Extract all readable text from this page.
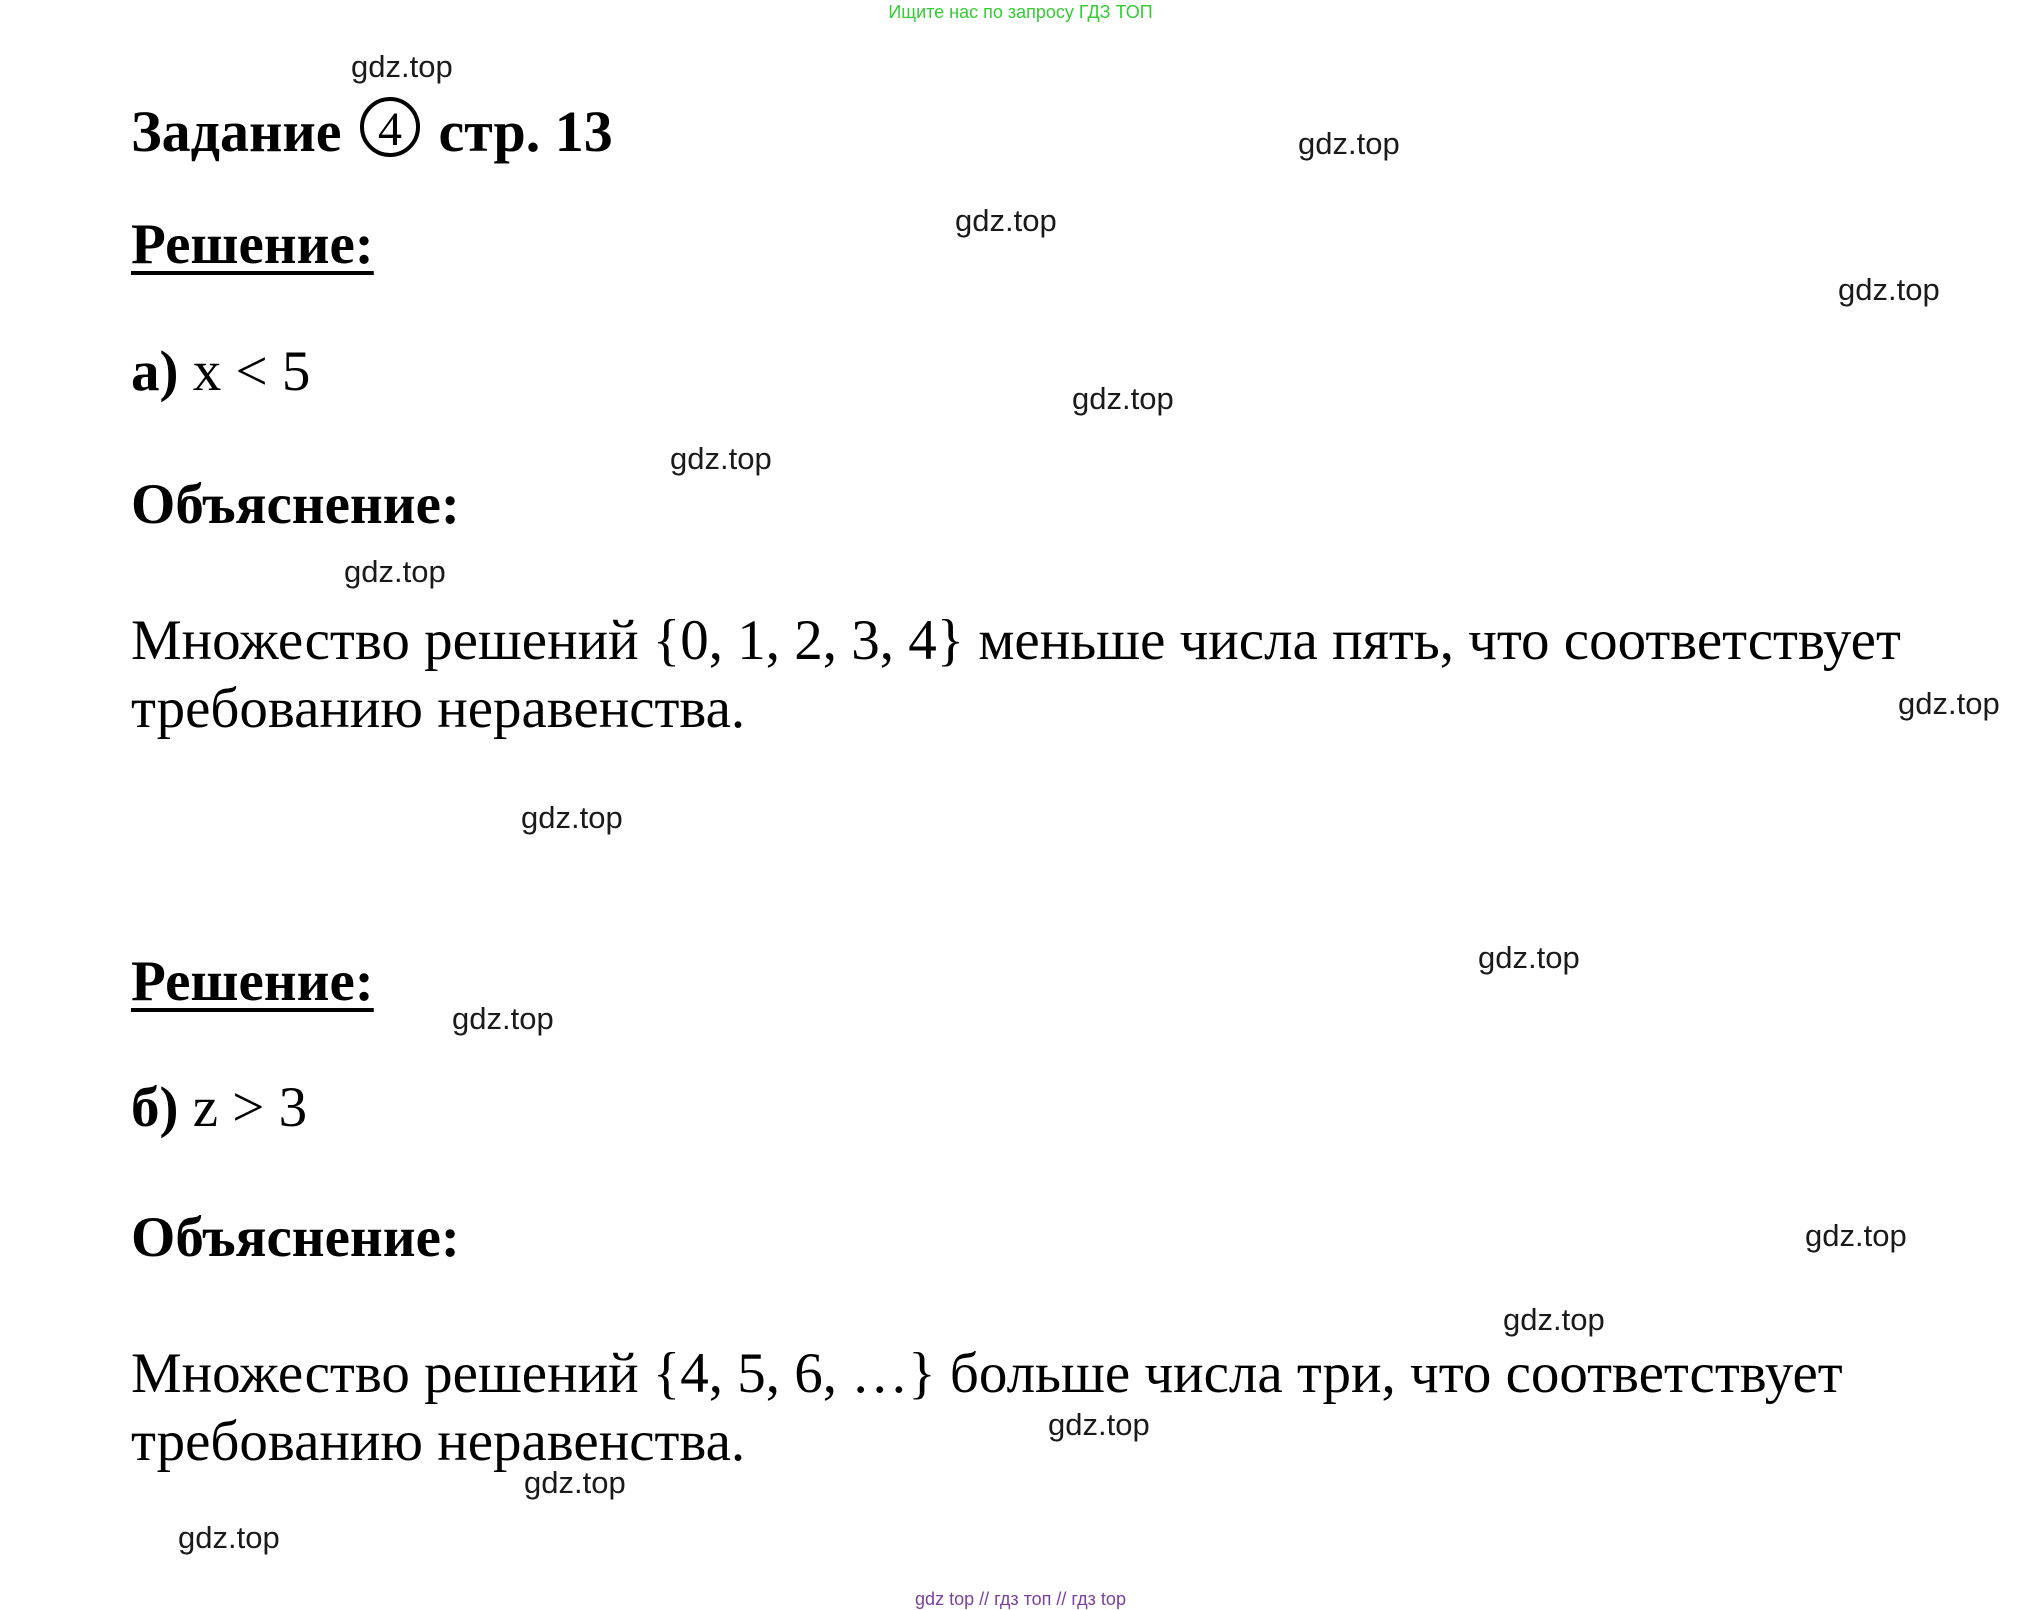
Ищите нас по запросу ГДЗ ТОП
Задание 4 стр. 13
Решение:

а) x < 5

Объяснение:

Множество решений {0, 1, 2, 3, 4} меньше числа пять, что соответствует требованию неравенства.

Решение:

б) z > 3

Объяснение:

Множество решений {4, 5, 6, …} больше числа три, что соответствует требованию неравенства.

gdz.top
gdz.top
gdz.top
gdz.top
gdz.top
gdz.top
gdz.top
gdz.top
gdz.top
gdz.top
gdz.top
gdz.top
gdz.top
gdz.top
gdz.top
gdz.top
gdz top // гдз топ // гдз top
